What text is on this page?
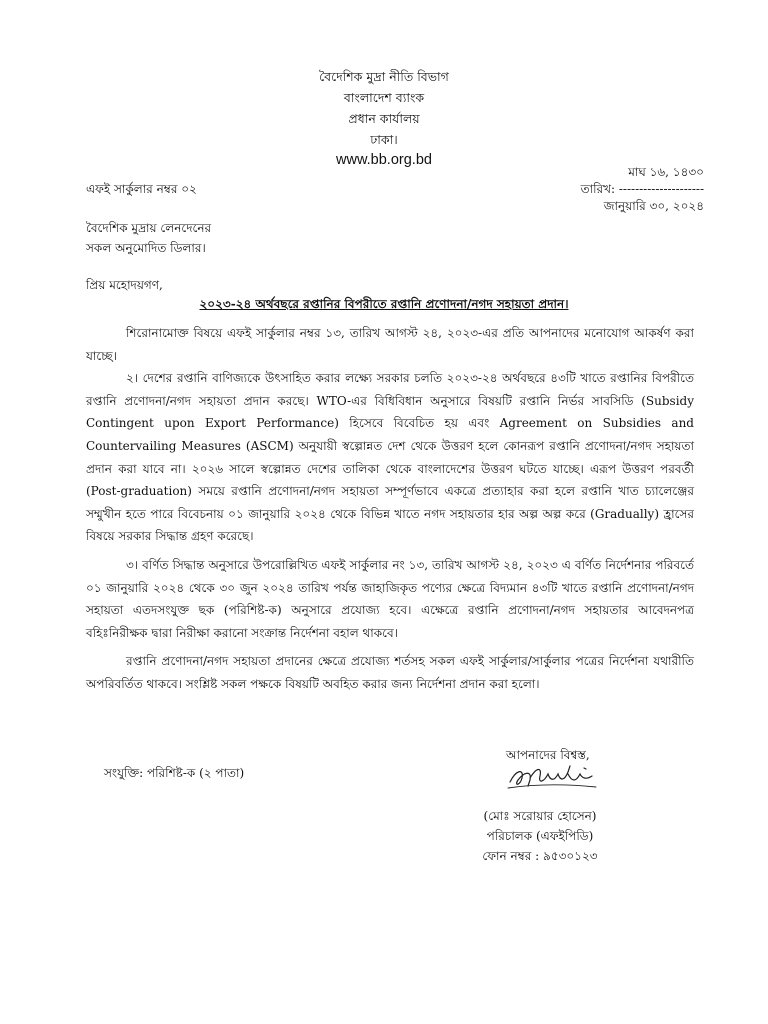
বৈদেশিক মুদ্রা নীতি বিভাগ
বাংলাদেশ ব্যাংক
প্রধান কার্যালয়
ঢাকা।
www.bb.org.bd
মাঘ ১৬, ১৪৩০
তারিখ: ---------------------
জানুয়ারি ৩০, ২০২৪
এফই সার্কুলার নম্বর ০২
বৈদেশিক মুদ্রায় লেনদেনের
সকল অনুমোদিত ডিলার।
প্রিয় মহোদয়গণ,
২০২৩-২৪ অর্থবছরে রপ্তানির বিপরীতে রপ্তানি প্রণোদনা/নগদ সহায়তা প্রদান।

শিরোনামোক্ত বিষয়ে এফই সার্কুলার নম্বর ১৩, তারিখ আগস্ট ২৪, ২০২৩-এর প্রতি আপনাদের মনোযোগ আকর্ষণ করা যাচ্ছে।

২। দেশের রপ্তানি বাণিজ্যকে উৎসাহিত করার লক্ষ্যে সরকার চলতি ২০২৩-২৪ অর্থবছরে ৪৩টি খাতে রপ্তানির বিপরীতে রপ্তানি প্রণোদনা/নগদ সহায়তা প্রদান করছে। WTO-এর বিধিবিধান অনুসারে বিষয়টি রপ্তানি নির্ভর সাবসিডি (Subsidy Contingent upon Export Performance) হিসেবে বিবেচিত হয় এবং Agreement on Subsidies and Countervailing Measures (ASCM) অনুযায়ী স্বল্পোন্নত দেশ থেকে উত্তরণ হলে কোনরূপ রপ্তানি প্রণোদনা/নগদ সহায়তা প্রদান করা যাবে না। ২০২৬ সালে স্বল্পোন্নত দেশের তালিকা থেকে বাংলাদেশের উত্তরণ ঘটতে যাচ্ছে। এরূপ উত্তরণ পরবর্তী (Post-graduation) সময়ে রপ্তানি প্রণোদনা/নগদ সহায়তা সম্পূর্ণভাবে একত্রে প্রত্যাহার করা হলে রপ্তানি খাত চ্যালেঞ্জের সম্মুখীন হতে পারে বিবেচনায় ০১ জানুয়ারি ২০২৪ থেকে বিভিন্ন খাতে নগদ সহায়তার হার অল্প অল্প করে (Gradually) হ্রাসের বিষয়ে সরকার সিদ্ধান্ত গ্রহণ করেছে।

৩। বর্ণিত সিদ্ধান্ত অনুসারে উপরোল্লিখিত এফই সার্কুলার নং ১৩, তারিখ আগস্ট ২৪, ২০২৩ এ বর্ণিত নির্দেশনার পরিবর্তে ০১ জানুয়ারি ২০২৪ থেকে ৩০ জুন ২০২৪ তারিখ পর্যন্ত জাহাজিকৃত পণ্যের ক্ষেত্রে বিদ্যমান ৪৩টি খাতে রপ্তানি প্রণোদনা/নগদ সহায়তা এতদসংযুক্ত ছক (পরিশিষ্ট-ক) অনুসারে প্রযোজ্য হবে। এক্ষেত্রে রপ্তানি প্রণোদনা/নগদ সহায়তার আবেদনপত্র বহিঃনিরীক্ষক দ্বারা নিরীক্ষা করানো সংক্রান্ত নির্দেশনা বহাল থাকবে।

রপ্তানি প্রণোদনা/নগদ সহায়তা প্রদানের ক্ষেত্রে প্রযোজ্য শর্তসহ সকল এফই সার্কুলার/সার্কুলার পত্রের নির্দেশনা যথারীতি অপরিবর্তিত থাকবে। সংশ্লিষ্ট সকল পক্ষকে বিষয়টি অবহিত করার জন্য নির্দেশনা প্রদান করা হলো।

সংযুক্তি: পরিশিষ্ট-ক (২ পাতা)
আপনাদের বিশ্বস্ত,
(মোঃ সরোয়ার হোসেন)
পরিচালক (এফইপিডি)
ফোন নম্বর : ৯৫৩০১২৩
